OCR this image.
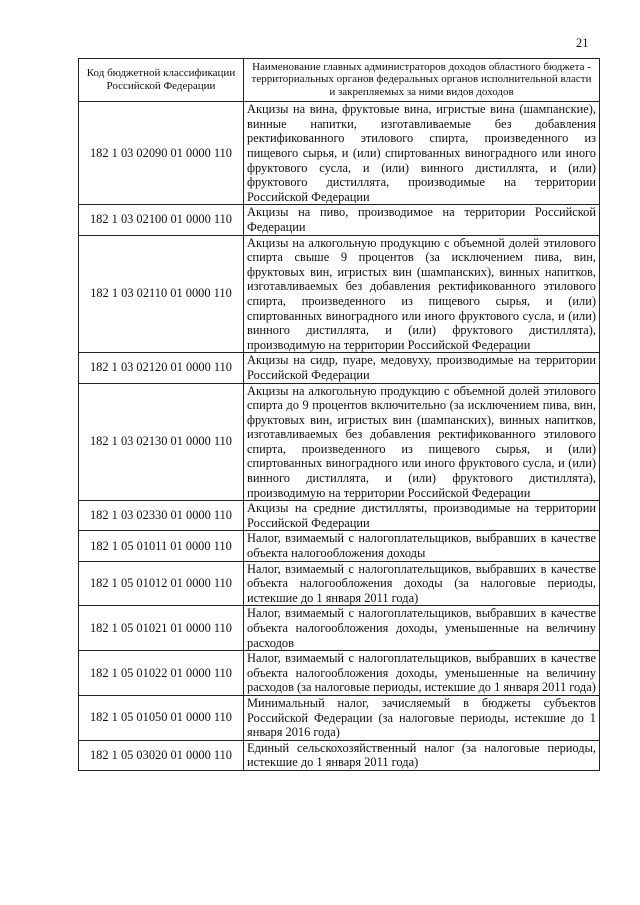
21
Код бюджетной классификации Российской Федерации	Наименование главных администраторов доходов областного бюджета - территориальных органов федеральных органов исполнительной власти и закрепляемых за ними видов доходов
182 1 03 02090 01 0000 110	Акцизы на вина, фруктовые вина, игристые вина (шампанские), винные напитки, изготавливаемые без добавления ректификованного этилового спирта, произведенного из пищевого сырья, и (или) спиртованных виноградного или иного фруктового сусла, и (или) винного дистиллята, и (или) фруктового дистиллята, производимые на территории Российской Федерации
182 1 03 02100 01 0000 110	Акцизы на пиво, производимое на территории Российской Федерации
182 1 03 02110 01 0000 110	Акцизы на алкогольную продукцию с объемной долей этилового спирта свыше 9 процентов (за исключением пива, вин, фруктовых вин, игристых вин (шампанских), винных напитков, изготавливаемых без добавления ректификованного этилового спирта, произведенного из пищевого сырья, и (или) спиртованных виноградного или иного фруктового сусла, и (или) винного дистиллята, и (или) фруктового дистиллята), производимую на территории Российской Федерации
182 1 03 02120 01 0000 110	Акцизы на сидр, пуаре, медовуху, производимые на территории Российской Федерации
182 1 03 02130 01 0000 110	Акцизы на алкогольную продукцию с объемной долей этилового спирта до 9 процентов включительно (за исключением пива, вин, фруктовых вин, игристых вин (шампанских), винных напитков, изготавливаемых без добавления ректификованного этилового спирта, произведенного из пищевого сырья, и (или) спиртованных виноградного или иного фруктового сусла, и (или) винного дистиллята, и (или) фруктового дистиллята), производимую на территории Российской Федерации
182 1 03 02330 01 0000 110	Акцизы на средние дистилляты, производимые на территории Российской Федерации
182 1 05 01011 01 0000 110	Налог, взимаемый с налогоплательщиков, выбравших в качестве объекта налогообложения доходы
182 1 05 01012 01 0000 110	Налог, взимаемый с налогоплательщиков, выбравших в качестве объекта налогообложения доходы (за налоговые периоды, истекшие до 1 января 2011 года)
182 1 05 01021 01 0000 110	Налог, взимаемый с налогоплательщиков, выбравших в качестве объекта налогообложения доходы, уменьшенные на величину расходов
182 1 05 01022 01 0000 110	Налог, взимаемый с налогоплательщиков, выбравших в качестве объекта налогообложения доходы, уменьшенные на величину расходов (за налоговые периоды, истекшие до 1 января 2011 года)
182 1 05 01050 01 0000 110	Минимальный налог, зачисляемый в бюджеты субъектов Российской Федерации (за налоговые периоды, истекшие до 1 января 2016 года)
182 1 05 03020 01 0000 110	Единый сельскохозяйственный налог (за налоговые периоды, истекшие до 1 января 2011 года)
